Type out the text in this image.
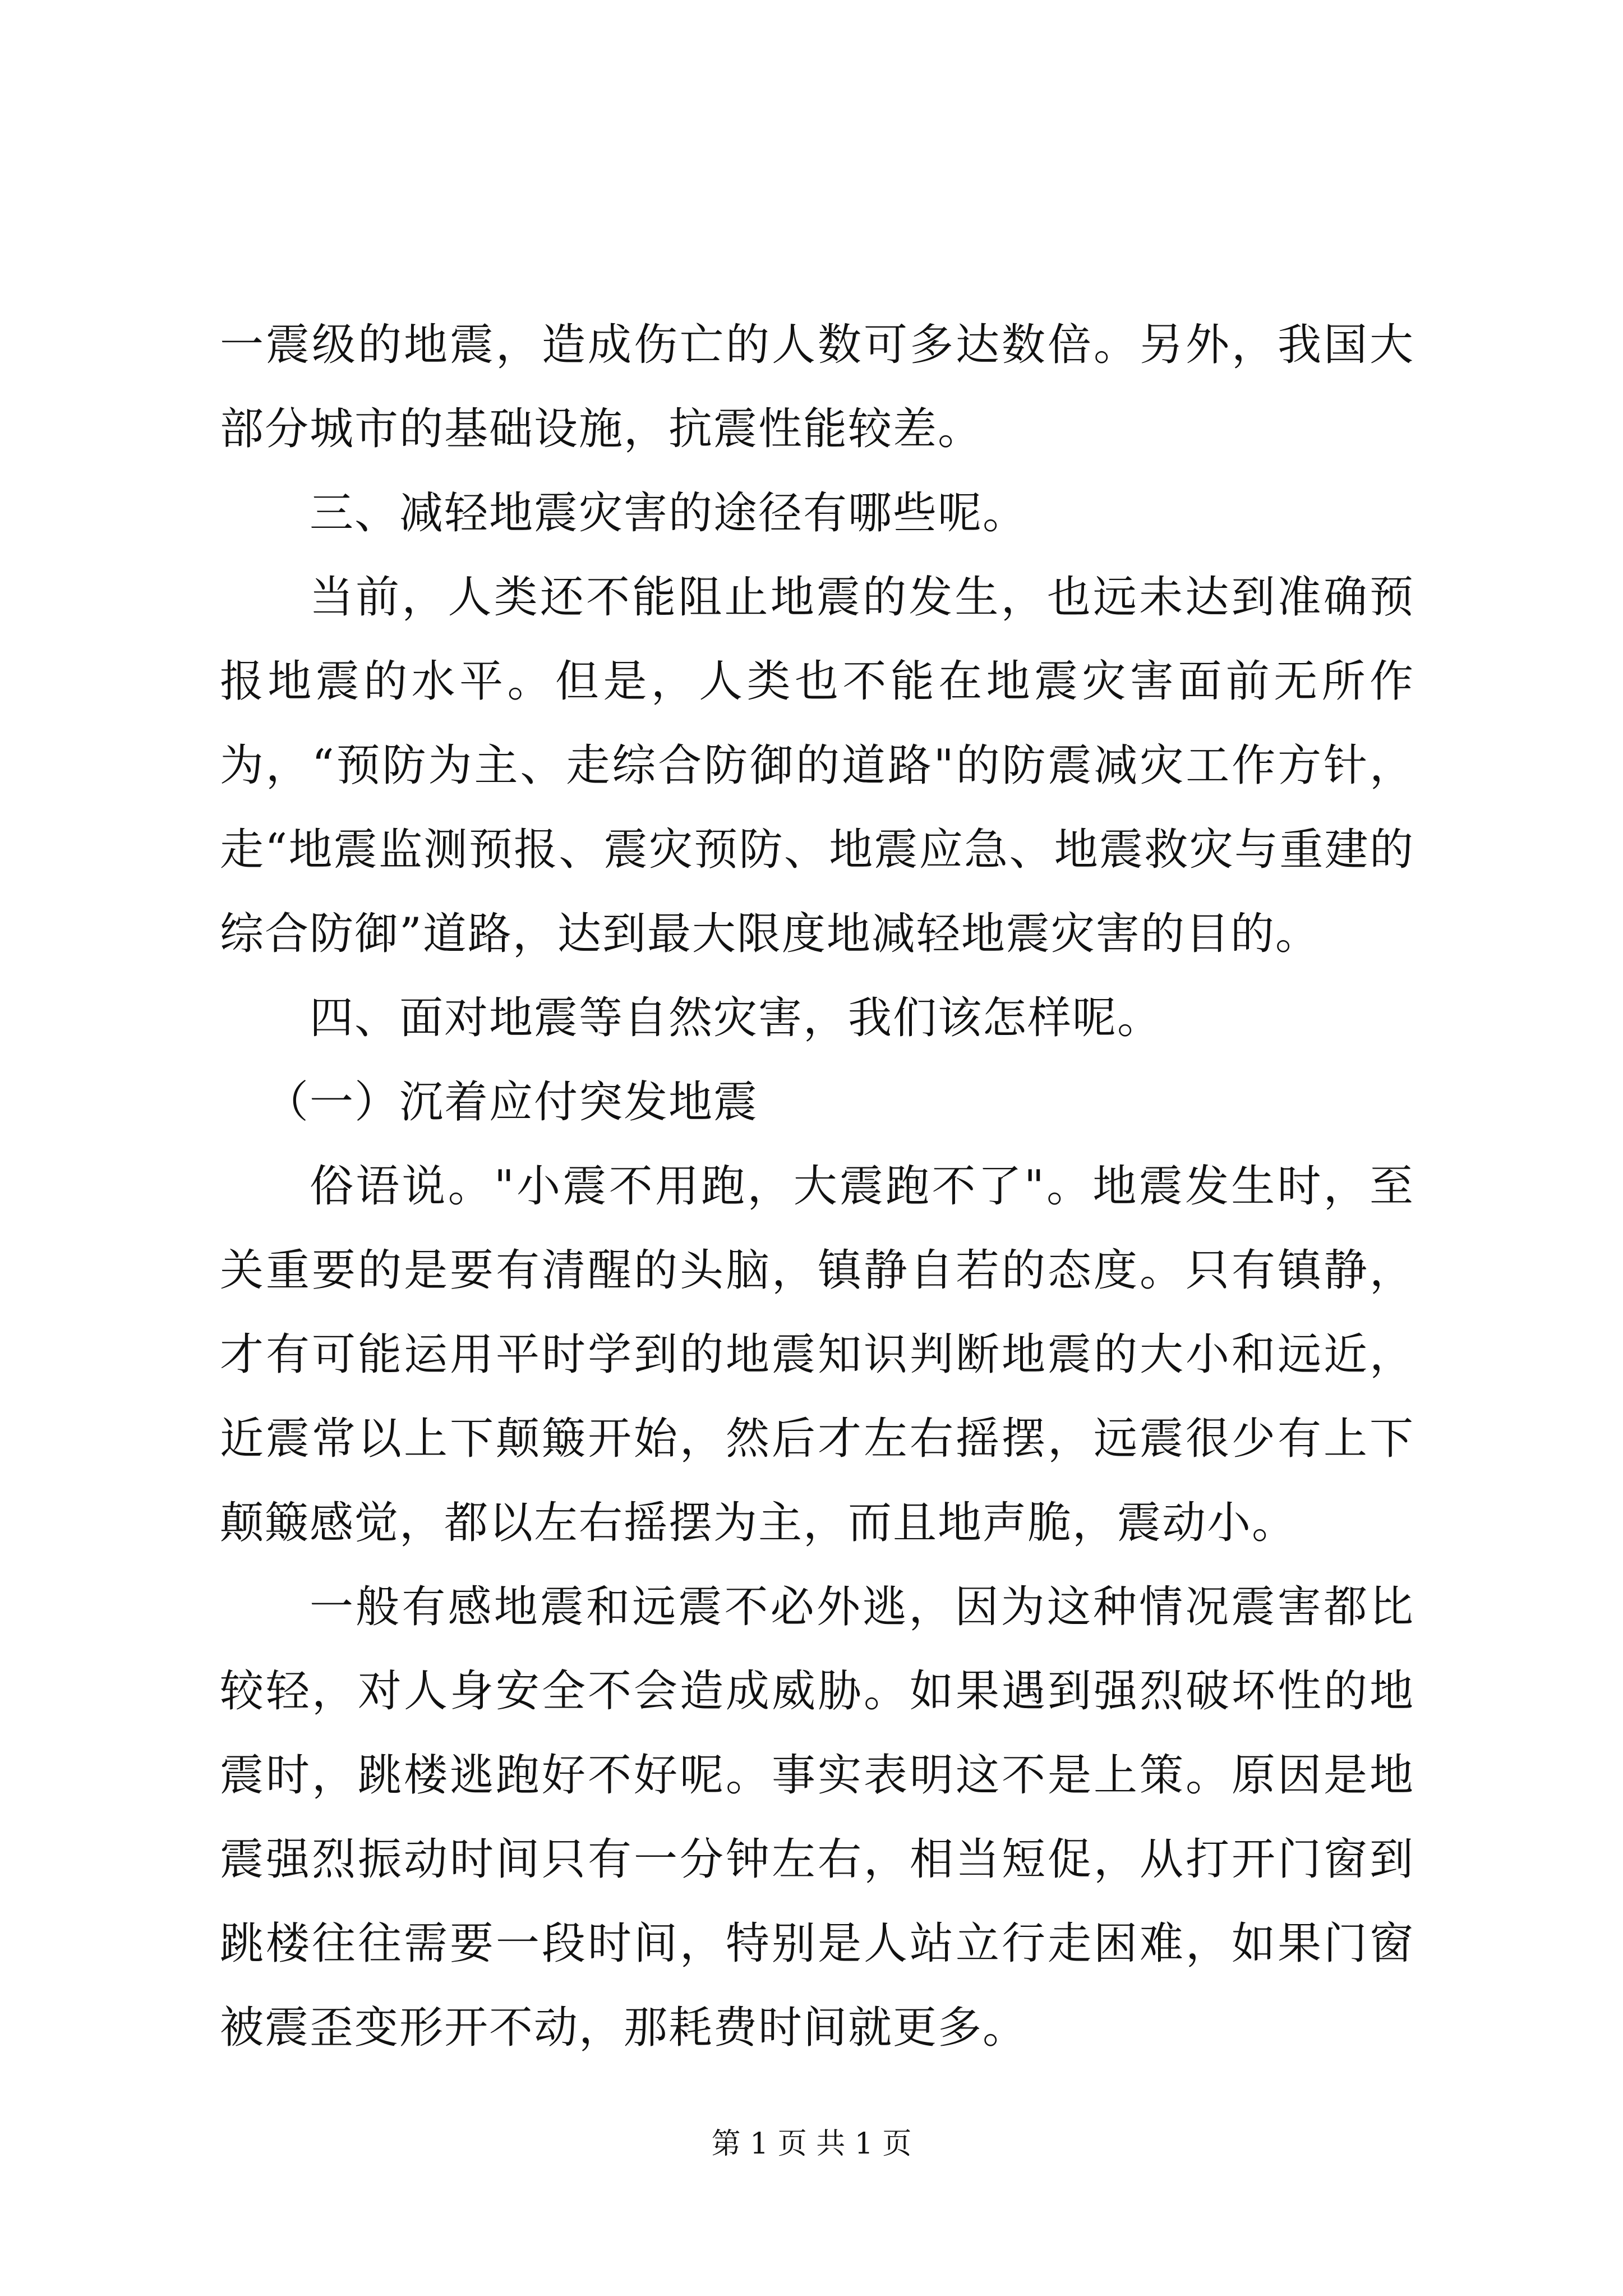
一震级的地震，造成伤亡的人数可多达数倍。另外，我国大部分城市的基础设施，抗震性能较差。

三、减轻地震灾害的途径有哪些呢。

当前，人类还不能阻止地震的发生，也远未达到准确预报地震的水平。但是，人类也不能在地震灾害面前无所作为，“预防为主、走综合防御的道路"的防震减灾工作方针，走“地震监测预报、震灾预防、地震应急、地震救灾与重建的综合防御”道路，达到最大限度地减轻地震灾害的目的。

四、面对地震等自然灾害，我们该怎样呢。

（一）沉着应付突发地震

俗语说。"小震不用跑，大震跑不了"。地震发生时，至关重要的是要有清醒的头脑，镇静自若的态度。只有镇静，才有可能运用平时学到的地震知识判断地震的大小和远近，近震常以上下颠簸开始，然后才左右摇摆，远震很少有上下颠簸感觉，都以左右摇摆为主，而且地声脆，震动小。

一般有感地震和远震不必外逃，因为这种情况震害都比较轻，对人身安全不会造成威胁。如果遇到强烈破坏性的地震时，跳楼逃跑好不好呢。事实表明这不是上策。原因是地震强烈振动时间只有一分钟左右，相当短促，从打开门窗到跳楼往往需要一段时间，特别是人站立行走困难，如果门窗被震歪变形开不动，那耗费时间就更多。

第 1 页 共 1 页
